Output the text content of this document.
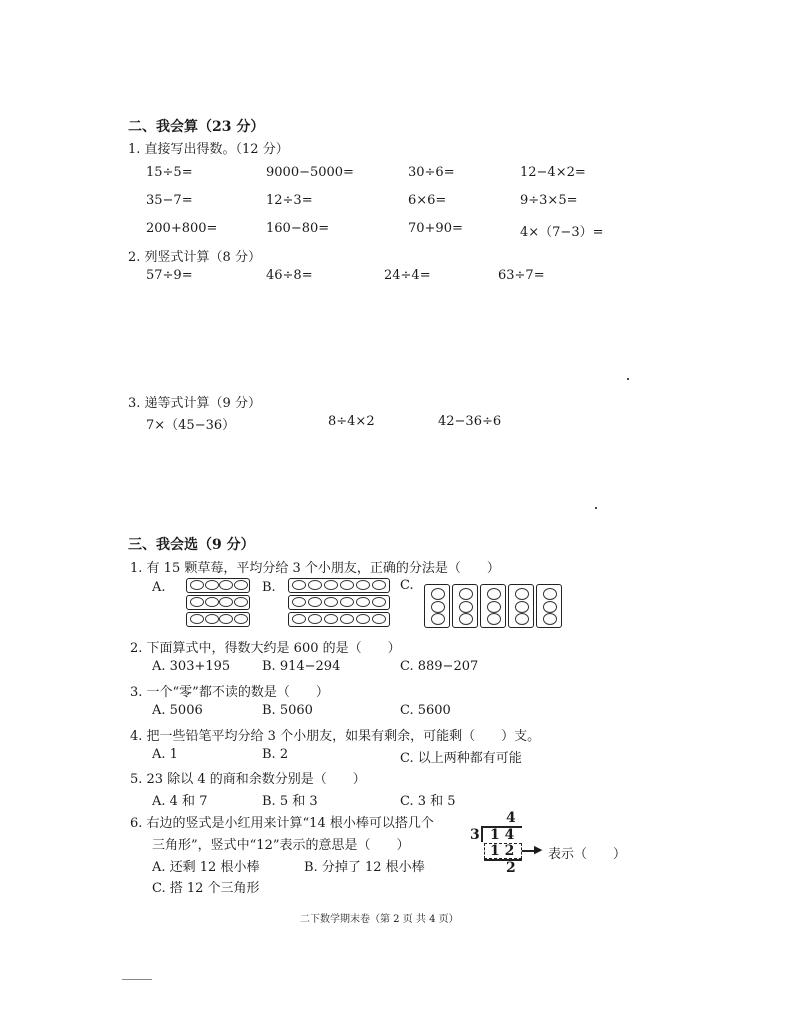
二、我会算（23 分）
1. 直接写出得数。（12 分）
15÷5=	9000−5000=	30÷6=	12−4×2=
35−7=	12÷3=	6×6=	9÷3×5=
200+800=	160−80=	70+90=	4×（7−3）=
2. 列竖式计算（8 分）
57÷9=	46÷8=	24÷4=	63÷7=
3. 递等式计算（9 分）
7×（45−36）	8÷4×2	42−36÷6
三、我会选（9 分）
1. 有 15 颗草莓，平均分给 3 个小朋友，正确的分法是（　　）
A.	B.	C.
2. 下面算式中，得数大约是 600 的是（　　）
A. 303+195 B. 914−294	C. 889−207
3. 一个“零”都不读的数是（　　）
A. 5006	B. 5060	C. 5600
4. 把一些铅笔平均分给 3 个小朋友，如果有剩余，可能剩（　　）支。
A. 1	B. 2	C. 以上两种都有可能
5. 23 除以 4 的商和余数分别是（　　）
A. 4 和 7	B. 5 和 3	C. 3 和 5
6. 右边的竖式是小红用来计算“14 根小棒可以搭几个
三角形”，竖式中“12”表示的意思是（　　）
A. 还剩 12 根小棒	B. 分掉了 12 根小棒
C. 搭 12 个三角形
4
3 1 4
1 2
2
▶ 表示（　　）
二下数学期末卷（第 2 页 共 4 页）
